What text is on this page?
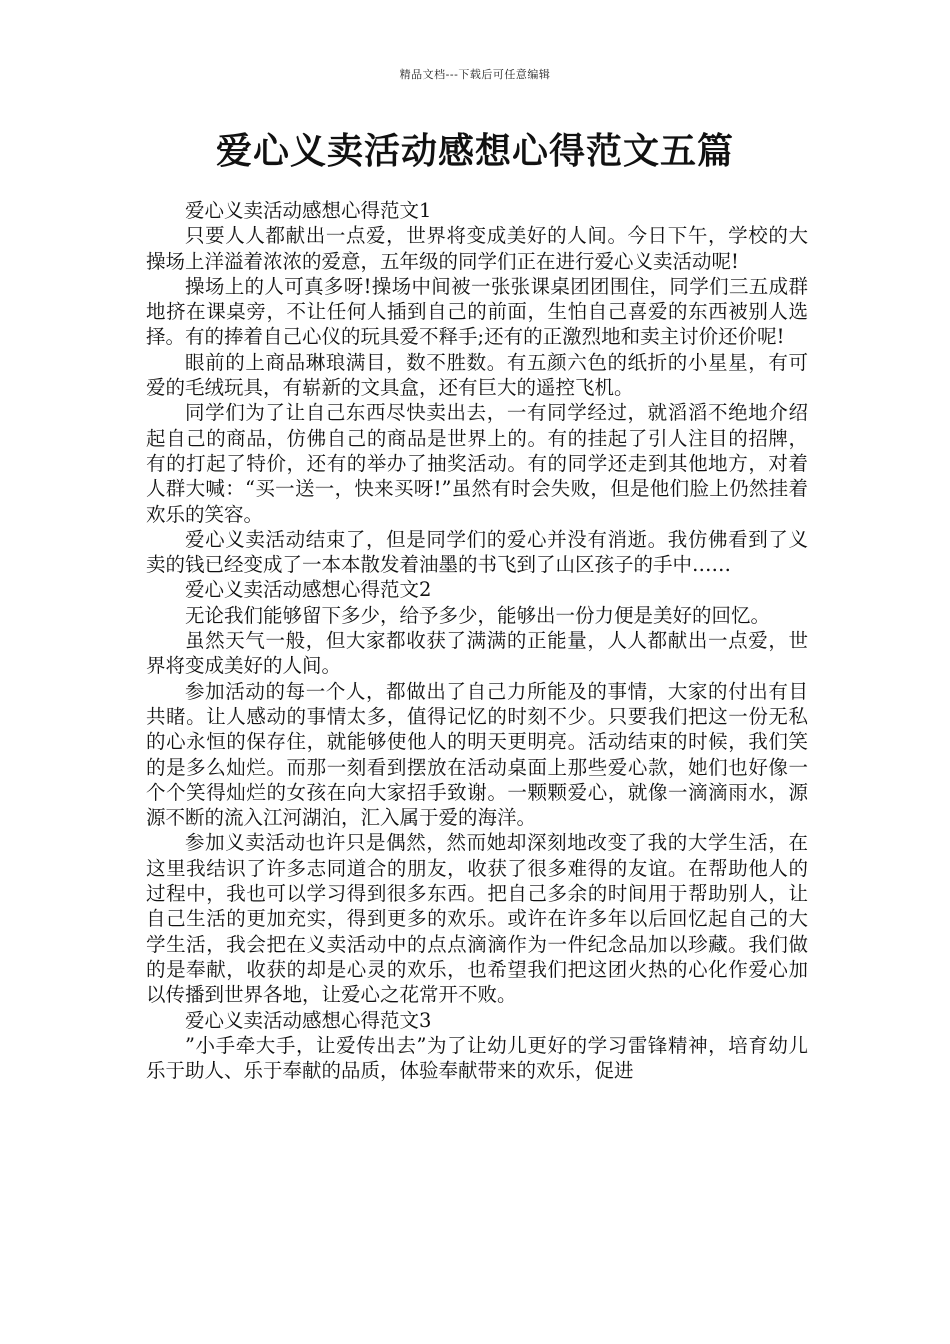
精品文档---下载后可任意编辑
爱心义卖活动感想心得范文五篇

爱心义卖活动感想心得范文1

只要人人都献出一点爱，世界将变成美好的人间。今日下午，学校的大操场上洋溢着浓浓的爱意，五年级的同学们正在进行爱心义卖活动呢!

操场上的人可真多呀!操场中间被一张张课桌团团围住，同学们三五成群地挤在课桌旁，不让任何人插到自己的前面，生怕自己喜爱的东西被别人选择。有的捧着自己心仪的玩具爱不释手;还有的正激烈地和卖主讨价还价呢!

眼前的上商品琳琅满目，数不胜数。有五颜六色的纸折的小星星，有可爱的毛绒玩具，有崭新的文具盒，还有巨大的遥控飞机。

同学们为了让自己东西尽快卖出去，一有同学经过，就滔滔不绝地介绍起自己的商品，仿佛自己的商品是世界上的。有的挂起了引人注目的招牌，有的打起了特价，还有的举办了抽奖活动。有的同学还走到其他地方，对着人群大喊：“买一送一，快来买呀!”虽然有时会失败，但是他们脸上仍然挂着欢乐的笑容。

爱心义卖活动结束了，但是同学们的爱心并没有消逝。我仿佛看到了义卖的钱已经变成了一本本散发着油墨的书飞到了山区孩子的手中……

爱心义卖活动感想心得范文2

无论我们能够留下多少，给予多少，能够出一份力便是美好的回忆。

虽然天气一般，但大家都收获了满满的正能量，人人都献出一点爱，世界将变成美好的人间。

参加活动的每一个人，都做出了自己力所能及的事情，大家的付出有目共睹。让人感动的事情太多，值得记忆的时刻不少。只要我们把这一份无私的心永恒的保存住，就能够使他人的明天更明亮。活动结束的时候，我们笑的是多么灿烂。而那一刻看到摆放在活动桌面上那些爱心款，她们也好像一个个笑得灿烂的女孩在向大家招手致谢。一颗颗爱心，就像一滴滴雨水，源源不断的流入江河湖泊，汇入属于爱的海洋。

参加义卖活动也许只是偶然，然而她却深刻地改变了我的大学生活，在这里我结识了许多志同道合的朋友，收获了很多难得的友谊。在帮助他人的过程中，我也可以学习得到很多东西。把自己多余的时间用于帮助别人，让自己生活的更加充实，得到更多的欢乐。或许在许多年以后回忆起自己的大学生活，我会把在义卖活动中的点点滴滴作为一件纪念品加以珍藏。我们做的是奉献，收获的却是心灵的欢乐，也希望我们把这团火热的心化作爱心加以传播到世界各地，让爱心之花常开不败。

爱心义卖活动感想心得范文3

”小手牵大手，让爱传出去”为了让幼儿更好的学习雷锋精神，培育幼儿乐于助人、乐于奉献的品质，体验奉献带来的欢乐，促进
